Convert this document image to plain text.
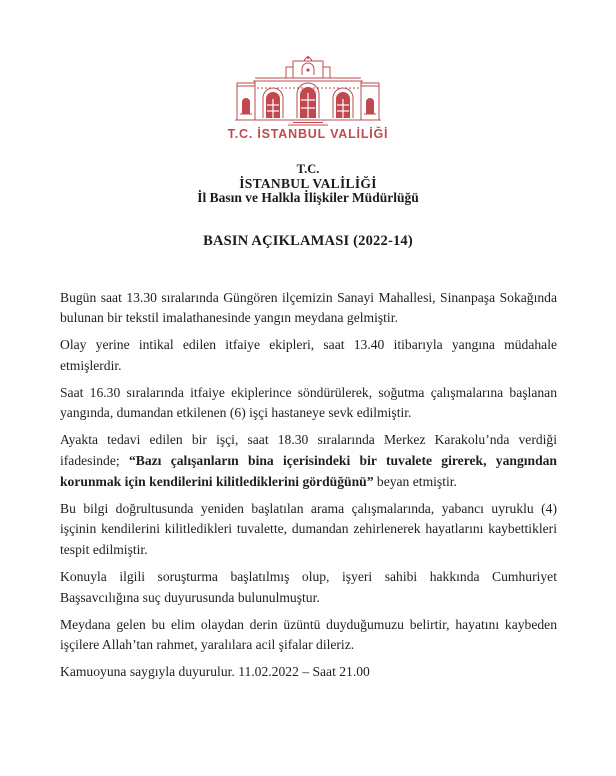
T.C. İSTANBUL VALİLİĞİ
T.C.
İSTANBUL VALİLİĞİ
İl Basın ve Halkla İlişkiler Müdürlüğü
BASIN AÇIKLAMASI (2022-14)

Bugün saat 13.30 sıralarında Güngören ilçemizin Sanayi Mahallesi, Sinanpaşa Sokağında bulunan bir tekstil imalathanesinde yangın meydana gelmiştir.

Olay yerine intikal edilen itfaiye ekipleri, saat 13.40 itibarıyla yangına müdahale etmişlerdir.

Saat 16.30 sıralarında itfaiye ekiplerince söndürülerek, soğutma çalışmalarına başlanan yangında, dumandan etkilenen (6) işçi hastaneye sevk edilmiştir.

Ayakta tedavi edilen bir işçi, saat 18.30 sıralarında Merkez Karakolu’nda verdiği ifadesinde; “Bazı çalışanların bina içerisindeki bir tuvalete girerek, yangından korunmak için kendilerini kilitlediklerini gördüğünü” beyan etmiştir.

Bu bilgi doğrultusunda yeniden başlatılan arama çalışmalarında, yabancı uyruklu (4) işçinin kendilerini kilitledikleri tuvalette, dumandan zehirlenerek hayatlarını kaybettikleri tespit edilmiştir.

Konuyla ilgili soruşturma başlatılmış olup, işyeri sahibi hakkında Cumhuriyet Başsavcılığına suç duyurusunda bulunulmuştur.

Meydana gelen bu elim olaydan derin üzüntü duyduğumuzu belirtir, hayatını kaybeden işçilere Allah’tan rahmet, yaralılara acil şifalar dileriz.

Kamuoyuna saygıyla duyurulur. 11.02.2022 – Saat 21.00
